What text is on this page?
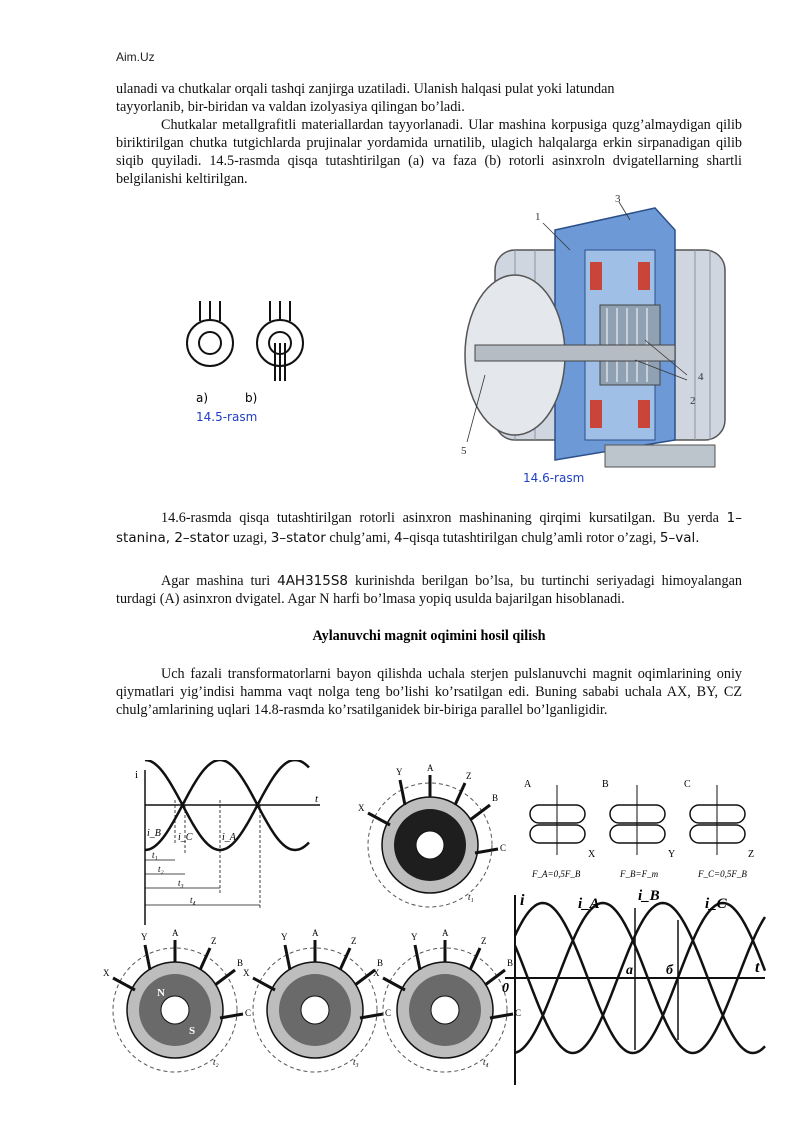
Aim.Uz
ulanadi va chutkalar orqali tashqi zanjirga uzatiladi. Ulanish halqasi pulat yoki latundan
tayyorlanib, bir-biridan va valdan izolyasiya qilingan bo’ladi.
Chutkalar metallgrafitli materiallardan tayyorlanadi. Ular mashina korpusiga quzg’almaydigan qilib biriktirilgan chutka tutgichlarda prujinalar yordamida urnatilib, ulagich halqalarga erkin sirpanadigan qilib siqib quyiladi. 14.5-rasmda qisqa tutashtirilgan (a) va faza (b) rotorli asinxroln dvigatellarning shartli belgilanishi keltirilgan.
a)	b)
14.5-rasm
1
2
3
4
5
14.6-rasm
14.6-rasmda qisqa tutashtirilgan rotorli asinxron mashinaning qirqimi kursatilgan. Bu yerda 1–stanina, 2–stator uzagi, 3–stator chulg’ami, 4–qisqa tutashtirilgan chulg’amli rotor o’zagi, 5–val.
Agar mashina turi 4AH315S8 kurinishda berilgan bo’lsa, bu turtinchi seriyadagi himoyalangan turdagi (A) asinxron dvigatel. Agar N harfi bo’lmasa yopiq usulda bajarilgan hisoblanadi.
Aylanuvchi magnit oqimini hosil qilish
Uch fazali transformatorlarni bayon qilishda uchala sterjen pulslanuvchi magnit oqimlarining oniy qiymatlari yig’indisi hamma vaqt nolga teng bo’lishi ko’rsatilgan edi. Buning sababi uchala AX, BY, CZ chulg’amlarining uqlari 14.8-rasmda ko’rsatilganidek bir-biriga parallel bo’lganligidir.
i
t
i_B i_C	i_A
t₁
t₂
t₃
t₄
Y	A
Z
B
X
C
t₁
A
X
B
Y
C
Z
F_A=0,5F_B	F_B=F_m	F_C=0,5F_B
Y	A
Z
B
X
C
N
S
t₂
Y	A
Z
B
X
C
t₃
Y	A
Z
B
X
C
t₄
i
t
0
i_A	i_B	i_C
a б
